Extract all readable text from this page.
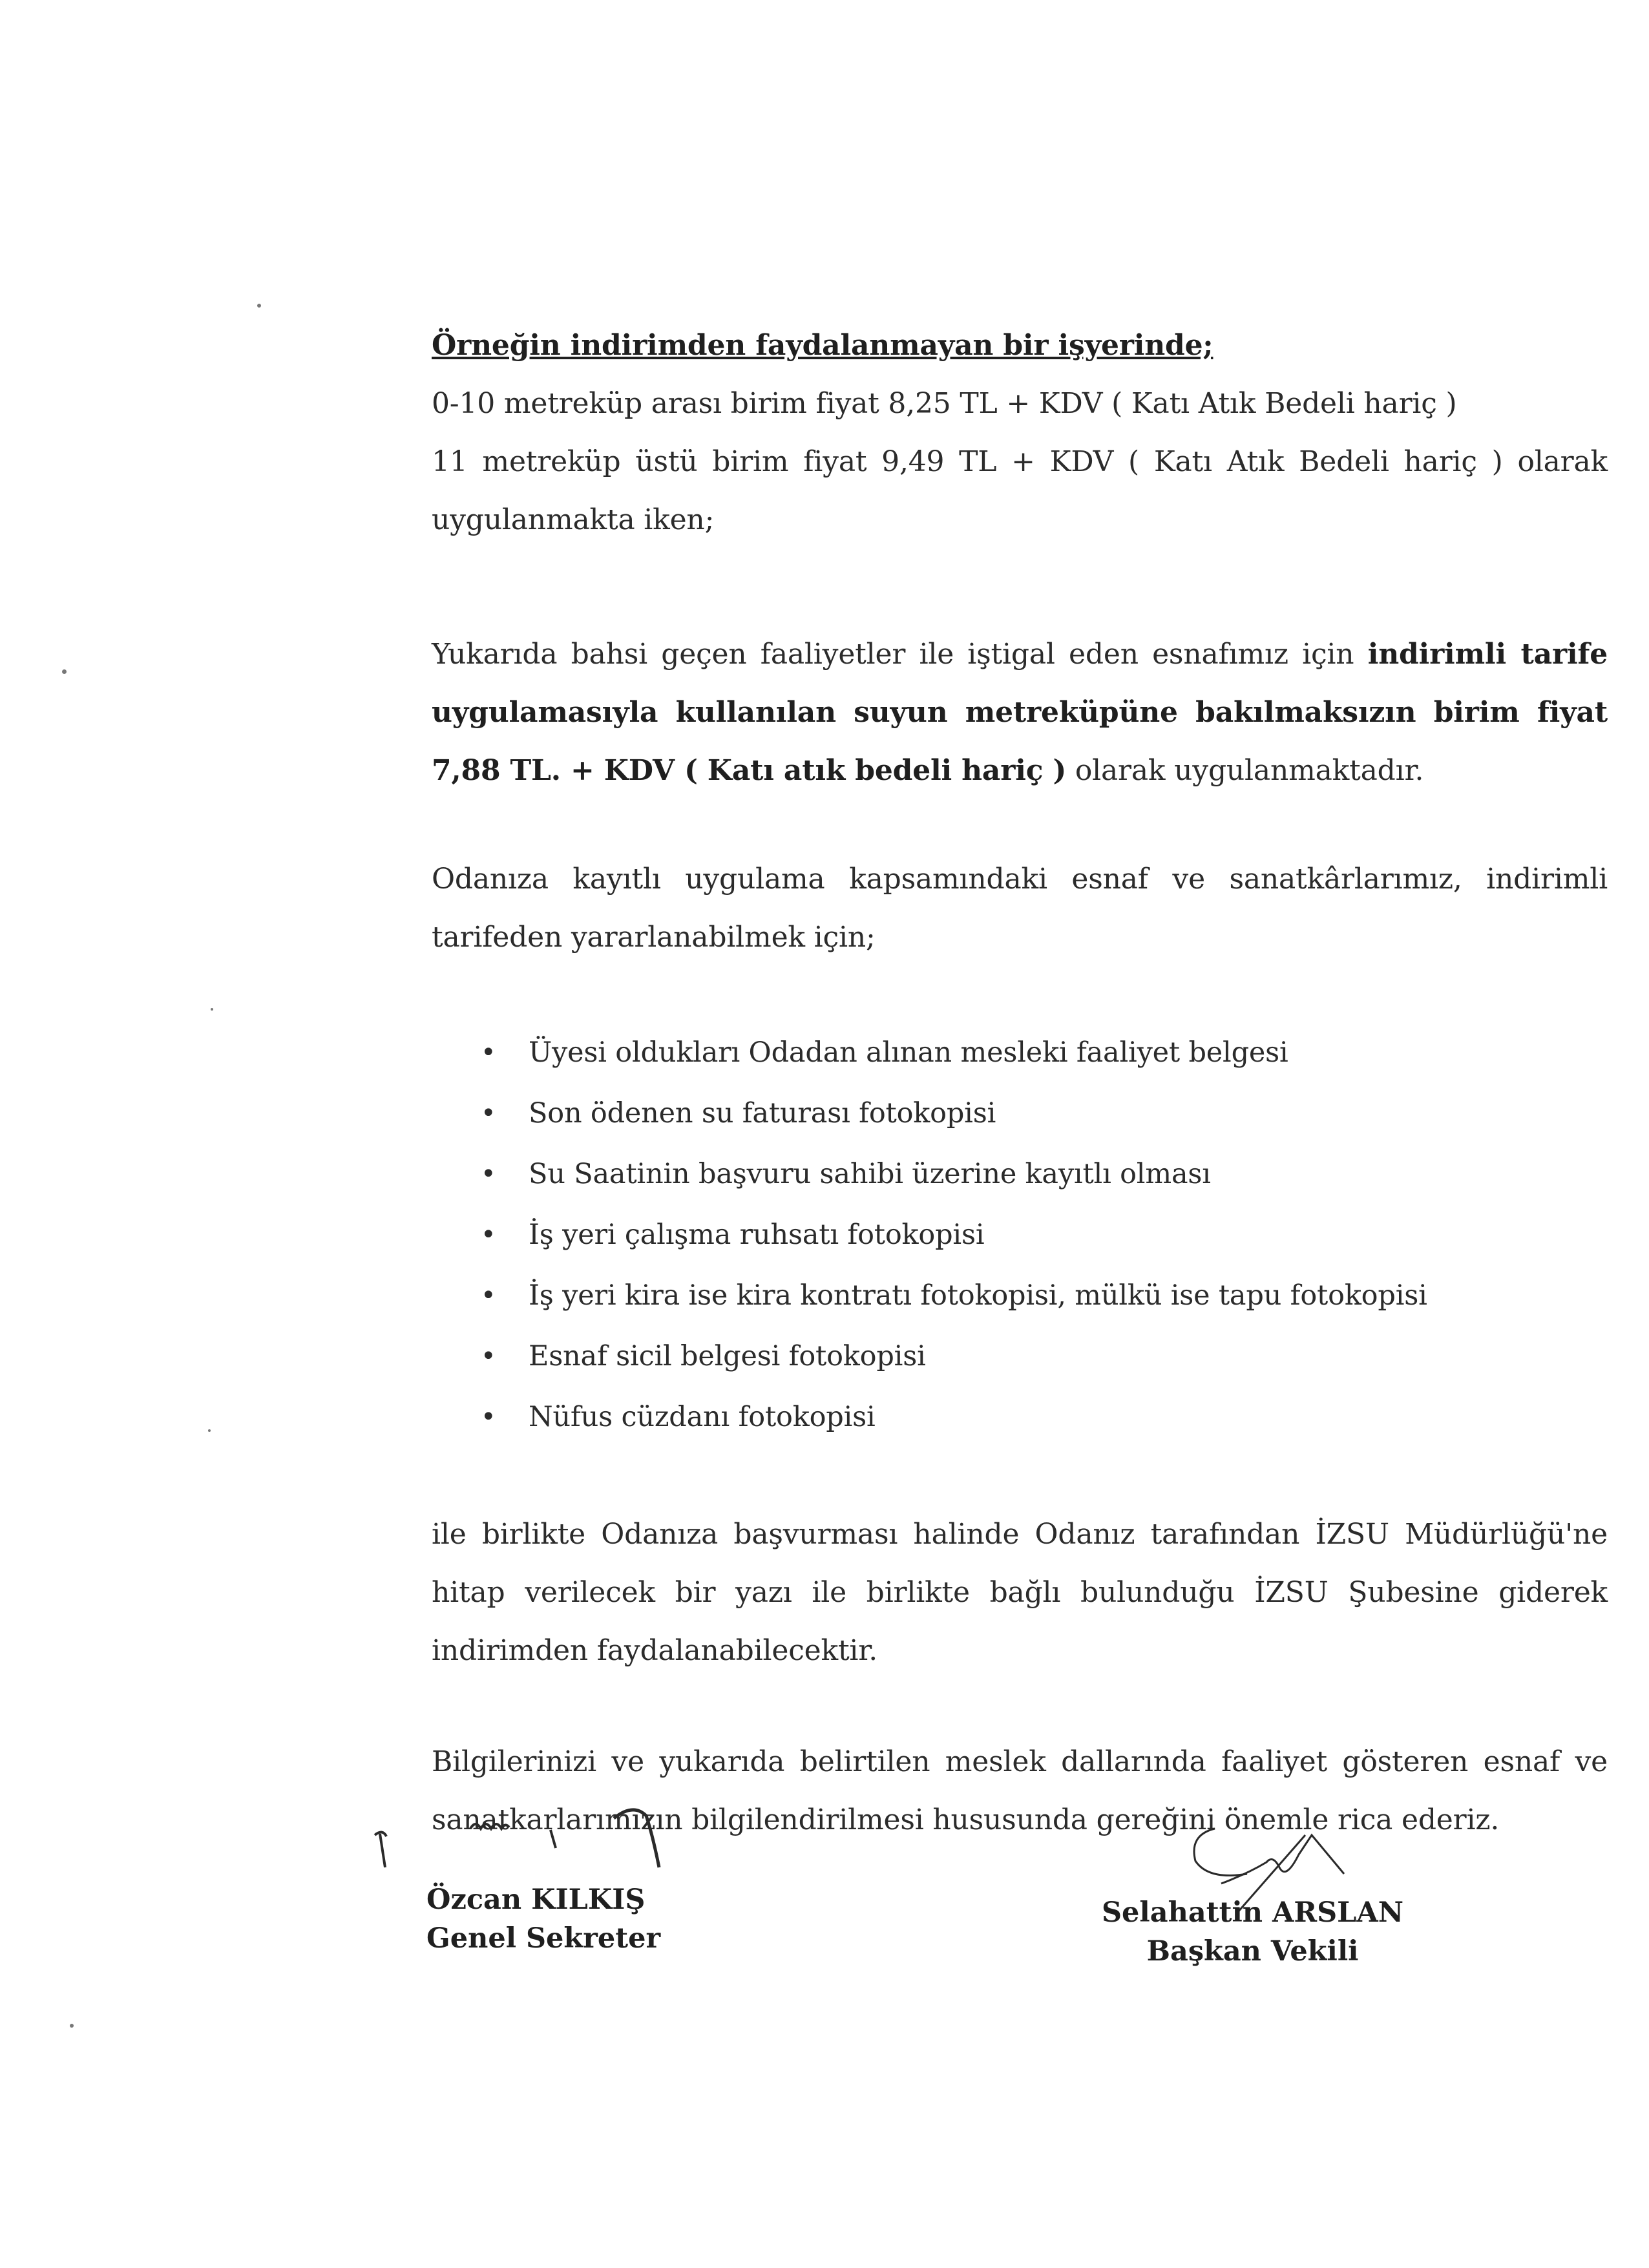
Örneğin indirimden faydalanmayan bir işyerinde;

0-10 metreküp arası birim fiyat 8,25 TL + KDV ( Katı Atık Bedeli hariç )

11 metreküp üstü birim fiyat 9,49 TL + KDV ( Katı Atık Bedeli hariç ) olarak

uygulanmakta iken;

Yukarıda bahsi geçen faaliyetler ile iştigal eden esnafımız için indirimli tarife uygulamasıyla kullanılan suyun metreküpüne bakılmaksızın birim fiyat 7,88 TL. + KDV ( Katı atık bedeli hariç ) olarak uygulanmaktadır.

Odanıza kayıtlı uygulama kapsamındaki esnaf ve sanatkârlarımız, indirimli tarifeden yararlanabilmek için;

• Üyesi oldukları Odadan alınan mesleki faaliyet belgesi
• Son ödenen su faturası fotokopisi
• Su Saatinin başvuru sahibi üzerine kayıtlı olması
• İş yeri çalışma ruhsatı fotokopisi
• İş yeri kira ise kira kontratı fotokopisi, mülkü ise tapu fotokopisi
• Esnaf sicil belgesi fotokopisi
• Nüfus cüzdanı fotokopisi

ile birlikte Odanıza başvurması halinde Odanız tarafından İZSU Müdürlüğü'ne hitap verilecek bir yazı ile birlikte bağlı bulunduğu İZSU Şubesine giderek indirimden faydalanabilecektir.

Bilgilerinizi ve yukarıda belirtilen meslek dallarında faaliyet gösteren esnaf ve sanatkarlarımızın bilgilendirilmesi hususunda gereğini önemle rica ederiz.

Özcan KILKIŞ
Genel Sekreter
Selahattin ARSLAN
Başkan Vekili
